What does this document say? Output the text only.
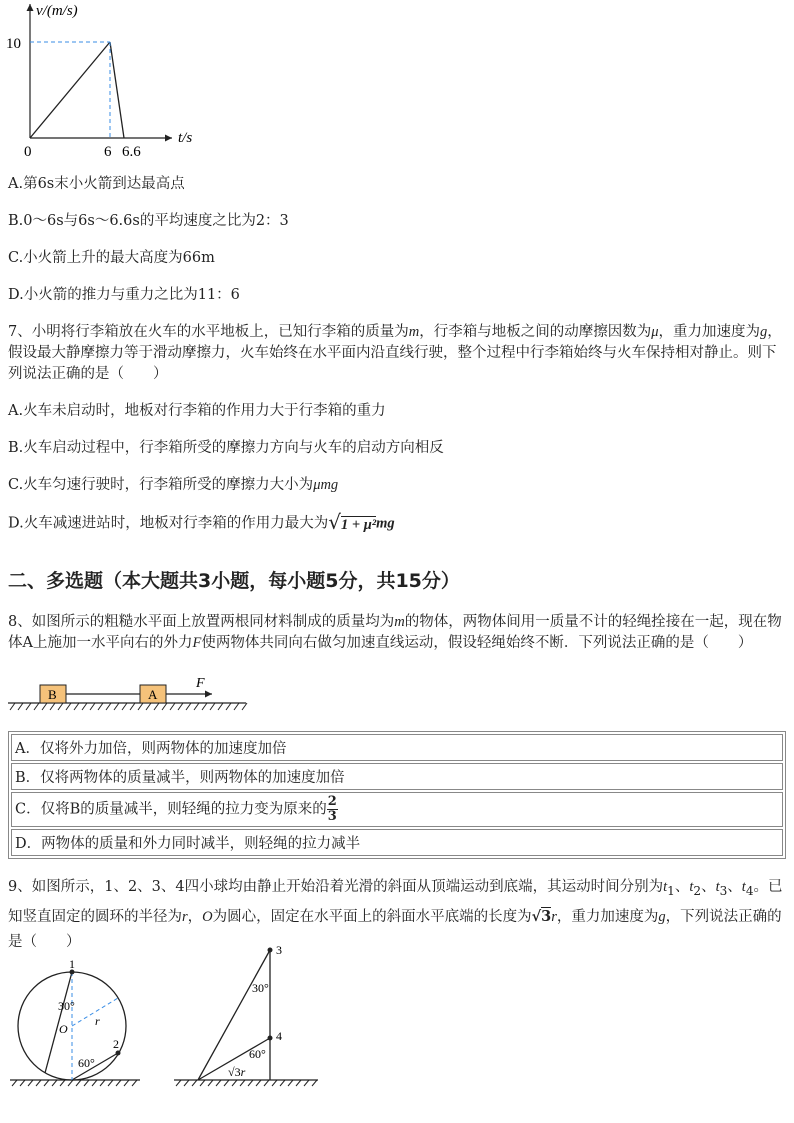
v/(m/s)
t/s
10
0	6 6.6
A.第6s末小火箭到达最高点
B.0～6s与6s～6.6s的平均速度之比为2：3
C.小火箭上升的最大高度为66m
D.小火箭的推力与重力之比为11：6
7、小明将行李箱放在火车的水平地板上，已知行李箱的质量为m，行李箱与地板之间的动摩擦因数为μ，重力加速度为g，假设最大静摩擦力等于滑动摩擦力，火车始终在水平面内沿直线行驶，整个过程中行李箱始终与火车保持相对静止。则下列说法正确的是（　　）
A.火车未启动时，地板对行李箱的作用力大于行李箱的重力
B.火车启动过程中，行李箱所受的摩擦力方向与火车的启动方向相反
C.火车匀速行驶时，行李箱所受的摩擦力大小为μmg
D.火车减速进站时，地板对行李箱的作用力最大为√1 + μ²mg
二、多选题（本大题共3小题，每小题5分，共15分）
8、如图所示的粗糙水平面上放置两根同材料制成的质量均为m的物体，两物体间用一质量不计的轻绳拴接在一起，现在物体A上施加一水平向右的外力F使两物体共同向右做匀加速直线运动，假设轻绳始终不断．下列说法正确的是（　　）
B	A
F
A．仅将外力加倍，则两物体的加速度加倍
B．仅将两物体的质量减半，则两物体的加速度加倍
C．仅将B的质量减半，则轻绳的拉力变为原来的 $\frac{2}{3}$

D．两物体的质量和外力同时减半，则轻绳的拉力减半
9、如图所示，1、2、3、4四小球均由静止开始沿着光滑的斜面从顶端运动到底端，其运动时间分别为$t_1$、$t_2$、$t_3$、$t_4$。已知竖直固定的圆环的半径为r，O为圆心，固定在水平面上的斜面水平底端的长度为√3r，重力加速度为g，下列说法正确的是（　　）
1
2
30°
O
r
60°
3
4
30°
60°
√3r
